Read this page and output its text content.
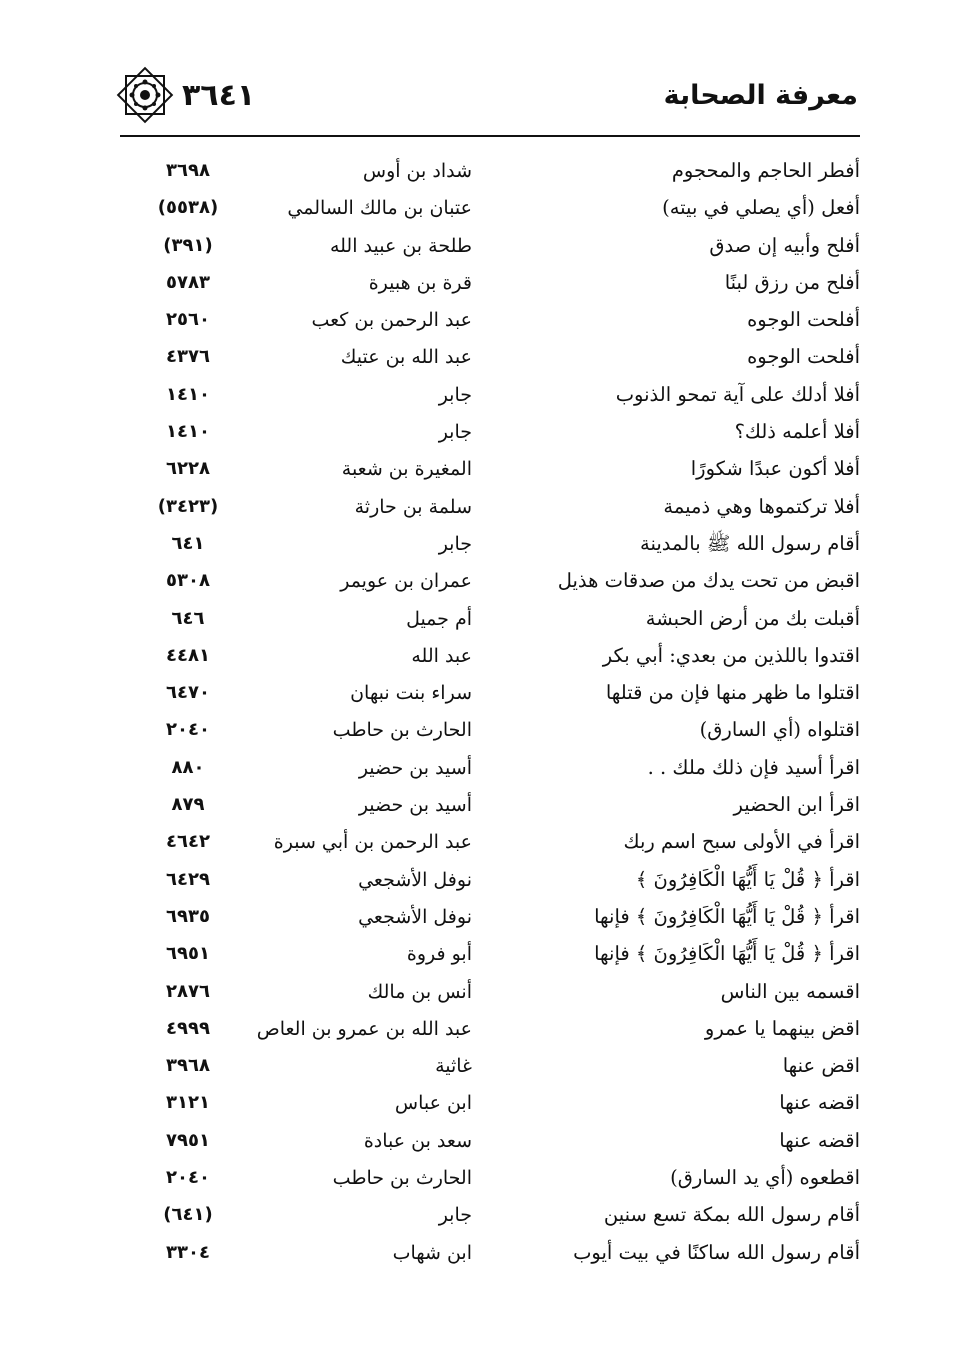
٣٦٤١	معرفة الصحابة
أفطر الحاجم والمحجوم
شداد بن أوس
٣٦٩٨
أفعل (أي يصلي في بيته)
عتبان بن مالك السالمي
(٥٥٣٨)
أفلح وأبيه إن صدق
طلحة بن عبيد الله
(٣٩١)
أفلح من رزق لبنًا
قرة بن هبيرة
٥٧٨٣
أفلحت الوجوه
عبد الرحمن بن كعب
٢٥٦٠
أفلحت الوجوه
عبد الله بن عتيك
٤٣٧٦
أفلا أدلك على آية تمحو الذنوب
جابر
١٤١٠
أفلا أعلمه ذلك؟
جابر
١٤١٠
أفلا أكون عبدًا شكورًا
المغيرة بن شعبة
٦٢٢٨
أفلا تركتموها وهي ذميمة
سلمة بن حارثة
(٣٤٢٣)
أقام رسول الله ﷺ بالمدينة
جابر
٦٤١
اقبض من تحت يدك من صدقات هذيل
عمران بن عويمر
٥٣٠٨
أقبلت بك من أرض الحبشة
أم جميل
٦٤٦
اقتدوا باللذين من بعدي: أبي بكر
عبد الله
٤٤٨١
اقتلوا ما ظهر منها فإن من قتلها
سراء بنت نبهان
٦٤٧٠
اقتلواه (أي السارق)
الحارث بن حاطب
٢٠٤٠
اقرأ أسيد فإن ذلك ملك . .
أسيد بن حضير
٨٨٠
اقرأ ابن الحضير
أسيد بن حضير
٨٧٩
اقرأ في الأولى سبح اسم ربك
عبد الرحمن بن أبي سبرة
٤٦٤٢
اقرأ ﴿ قُلْ يَا أَيُّهَا الْكَافِرُونَ ﴾
نوفل الأشجعي
٦٤٢٩
اقرأ ﴿ قُلْ يَا أَيُّهَا الْكَافِرُونَ ﴾ فإنها
نوفل الأشجعي
٦٩٣٥
اقرأ ﴿ قُلْ يَا أَيُّهَا الْكَافِرُونَ ﴾ فإنها
أبو فروة
٦٩٥١
اقسمه بين الناس
أنس بن مالك
٢٨٧٦
اقض بينهما يا عمرو
عبد الله بن عمرو بن العاص
٤٩٩٩
اقض عنها
غاثية
٣٩٦٨
اقضه عنها
ابن عباس
٣١٢١
اقضه عنها
سعد بن عبادة
٧٩٥١
اقطعوه (أي يد السارق)
الحارث بن حاطب
٢٠٤٠
أقام رسول الله بمكة تسع سنين
جابر
(٦٤١)
أقام رسول الله ساكنًا في بيت أيوب
ابن شهاب
٣٣٠٤
